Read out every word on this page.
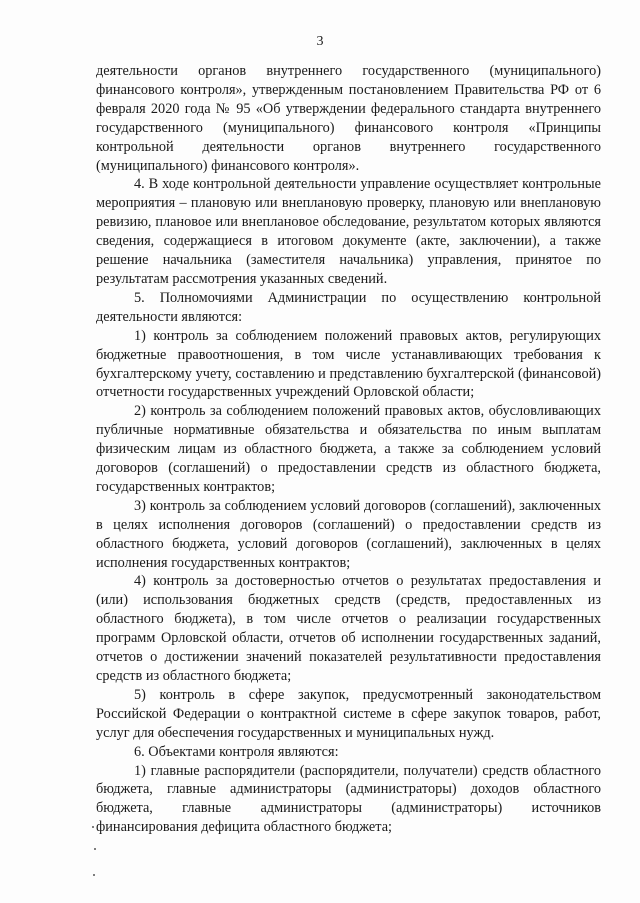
3

деятельности органов внутреннего государственного (муниципального) финансового контроля», утвержденным постановлением Правительства РФ от 6 февраля 2020 года № 95 «Об утверждении федерального стандарта внутреннего государственного (муниципального) финансового контроля «Принципы контрольной деятельности органов внутреннего государственного (муниципального) финансового контроля».

4. В ходе контрольной деятельности управление осуществляет контрольные мероприятия – плановую или внеплановую проверку, плановую или внеплановую ревизию, плановое или внеплановое обследование, результатом которых являются сведения, содержащиеся в итоговом документе (акте, заключении), а также решение начальника (заместителя начальника) управления, принятое по результатам рассмотрения указанных сведений.

5. Полномочиями Администрации по осуществлению контрольной деятельности являются:

1) контроль за соблюдением положений правовых актов, регулирующих бюджетные правоотношения, в том числе устанавливающих требования к бухгалтерскому учету, составлению и представлению бухгалтерской (финансовой) отчетности государственных учреждений Орловской области;

2) контроль за соблюдением положений правовых актов, обусловливающих публичные нормативные обязательства и обязательства по иным выплатам физическим лицам из областного бюджета, а также за соблюдением условий договоров (соглашений) о предоставлении средств из областного бюджета, государственных контрактов;

3) контроль за соблюдением условий договоров (соглашений), заключенных в целях исполнения договоров (соглашений) о предоставлении средств из областного бюджета, условий договоров (соглашений), заключенных в целях исполнения государственных контрактов;

4) контроль за достоверностью отчетов о результатах предоставления и (или) использования бюджетных средств (средств, предоставленных из областного бюджета), в том числе отчетов о реализации государственных программ Орловской области, отчетов об исполнении государственных заданий, отчетов о достижении значений показателей результативности предоставления средств из областного бюджета;

5) контроль в сфере закупок, предусмотренный законодательством Российской Федерации о контрактной системе в сфере закупок товаров, работ, услуг для обеспечения государственных и муниципальных нужд.

6. Объектами контроля являются:

1) главные распорядители (распорядители, получатели) средств областного бюджета, главные администраторы (администраторы) доходов областного бюджета, главные администраторы (администраторы) источников финансирования дефицита областного бюджета;
